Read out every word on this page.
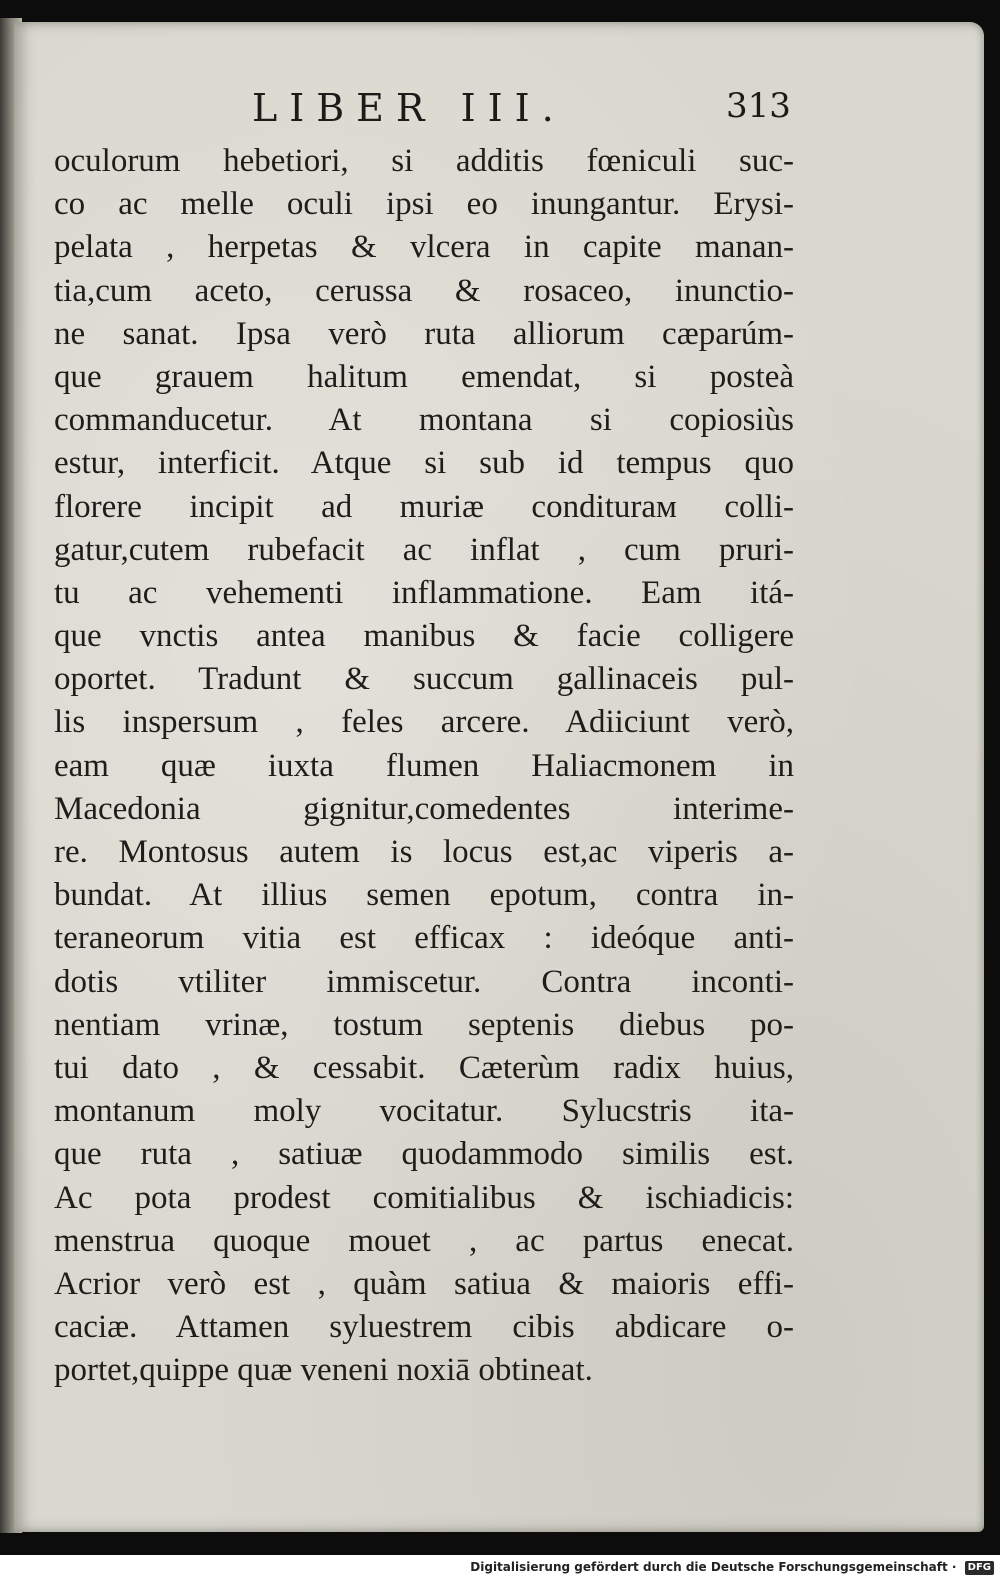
LIBER III.	313
oculorum hebetiori, si additis fœniculi suc-
co ac melle oculi ipsi eo inungantur. Erysi-
pelata , herpetas & vlcera in capite manan-
tia,cum aceto, cerussa & rosaceo, inunctio-
ne sanat. Ipsa verò ruta alliorum cæparúm-
que grauem halitum emendat, si posteà
commanducetur. At montana si copiosiùs
estur, interficit. Atque si sub id tempus quo
florere incipit ad muriæ conditurам colli-
gatur,cutem rubefacit ac inflat , cum pruri-
tu ac vehementi inflammatione. Eam itá-
que vnctis antea manibus & facie colligere
oportet. Tradunt & succum gallinaceis pul-
lis inspersum , feles arcere. Adiiciunt verò,
eam quæ iuxta flumen Haliacmonem in
Macedonia gignitur,comedentes interime-
re. Montosus autem is locus est,ac viperis a-
bundat. At illius semen epotum, contra in-
teraneorum vitia est efficax : ideóque anti-
dotis vtiliter immiscetur. Contra inconti-
nentiam vrinæ, tostum septenis diebus po-
tui dato , & cessabit. Cæterùm radix huius,
montanum moly vocitatur. Sylucstris ita-
que ruta , satiuæ quodammodo similis est.
Ac pota prodest comitialibus & ischiadicis:
menstrua quoque mouet , ac partus enecat.
Acrior verò est , quàm satiua & maioris effi-
caciæ. Attamen syluestrem cibis abdicare o-
portet,quippe quæ veneni noxiā obtineat.
Digitalisierung gefördert durch die Deutsche Forschungsgemeinschaft · DFG
